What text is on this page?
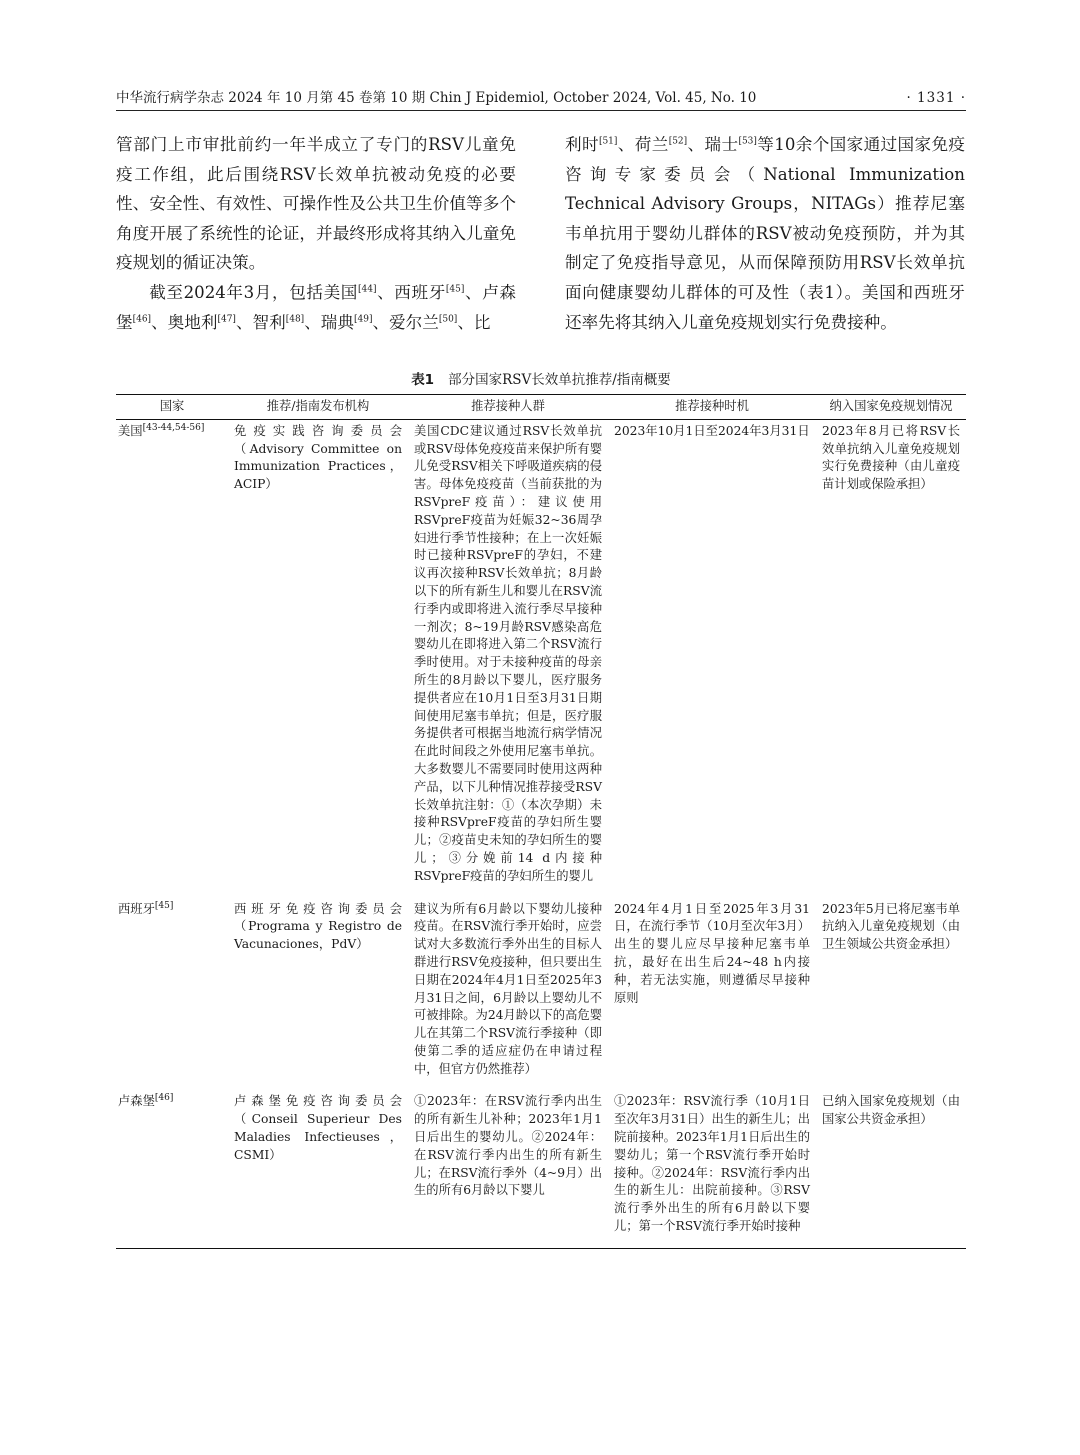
中华流行病学杂志 2024 年 10 月第 45 卷第 10 期 Chin J Epidemiol, October 2024, Vol. 45, No. 10	· 1331 ·

管部门上市审批前约一年半成立了专门的RSV儿童免疫工作组，此后围绕RSV长效单抗被动免疫的必要性、安全性、有效性、可操作性及公共卫生价值等多个角度开展了系统性的论证，并最终形成将其纳入儿童免疫规划的循证决策。

截至2024年3月，包括美国[44]、西班牙[45]、卢森堡[46]、奥地利[47]、智利[48]、瑞典[49]、爱尔兰[50]、比

利时[51]、荷兰[52]、瑞士[53]等10余个国家通过国家免疫咨询专家委员会（National Immunization Technical Advisory Groups，NITAGs）推荐尼塞韦单抗用于婴幼儿群体的RSV被动免疫预防，并为其制定了免疫指导意见，从而保障预防用RSV长效单抗面向健康婴幼儿群体的可及性（表1）。美国和西班牙还率先将其纳入儿童免疫规划实行免费接种。

表1 部分国家RSV长效单抗推荐/指南概要
国家	推荐/指南发布机构	推荐接种人群	推荐接种时机	纳入国家免疫规划情况
美国[43-44,54-56]	免疫实践咨询委员会（Advisory Committee on Immunization Practices，ACIP）	美国CDC建议通过RSV长效单抗或RSV母体免疫疫苗来保护所有婴儿免受RSV相关下呼吸道疾病的侵害。母体免疫疫苗（当前获批的为RSVpreF疫苗）：建议使用RSVpreF疫苗为妊娠32~36周孕妇进行季节性接种；在上一次妊娠时已接种RSVpreF的孕妇，不建议再次接种RSV长效单抗；8月龄以下的所有新生儿和婴儿在RSV流行季内或即将进入流行季尽早接种一剂次；8~19月龄RSV感染高危婴幼儿在即将进入第二个RSV流行季时使用。对于未接种疫苗的母亲所生的8月龄以下婴儿，医疗服务提供者应在10月1日至3月31日期间使用尼塞韦单抗；但是，医疗服务提供者可根据当地流行病学情况在此时间段之外使用尼塞韦单抗。大多数婴儿不需要同时使用这两种产品，以下儿种情况推荐接受RSV长效单抗注射：①（本次孕期）未接种RSVpreF疫苗的孕妇所生婴儿；②疫苗史未知的孕妇所生的婴儿；③分娩前14 d内接种RSVpreF疫苗的孕妇所生的婴儿	2023年10月1日至2024年3月31日	2023年8月已将RSV长效单抗纳入儿童免疫规划实行免费接种（由儿童疫苗计划或保险承担）
西班牙[45]	西班牙免疫咨询委员会（Programa y Registro de Vacunaciones，PdV）	建议为所有6月龄以下婴幼儿接种疫苗。在RSV流行季开始时，应尝试对大多数流行季外出生的目标人群进行RSV免疫接种，但只要出生日期在2024年4月1日至2025年3月31日之间，6月龄以上婴幼儿不可被排除。为24月龄以下的高危婴儿在其第二个RSV流行季接种（即使第二季的适应症仍在申请过程中，但官方仍然推荐）	2024年4月1日至2025年3月31日，在流行季节（10月至次年3月）出生的婴儿应尽早接种尼塞韦单抗，最好在出生后24~48 h内接种，若无法实施，则遵循尽早接种原则	2023年5月已将尼塞韦单抗纳入儿童免疫规划（由卫生领域公共资金承担）
卢森堡[46]	卢森堡免疫咨询委员会（Conseil Superieur Des Maladies Infectieuses，CSMI）	①2023年：在RSV流行季内出生的所有新生儿补种；2023年1月1日后出生的婴幼儿。②2024年：在RSV流行季内出生的所有新生儿；在RSV流行季外（4~9月）出生的所有6月龄以下婴儿	①2023年：RSV流行季（10月1日至次年3月31日）出生的新生儿；出院前接种。2023年1月1日后出生的婴幼儿；第一个RSV流行季开始时接种。②2024年：RSV流行季内出生的新生儿：出院前接种。③RSV流行季外出生的所有6月龄以下婴儿；第一个RSV流行季开始时接种	已纳入国家免疫规划（由国家公共资金承担）
